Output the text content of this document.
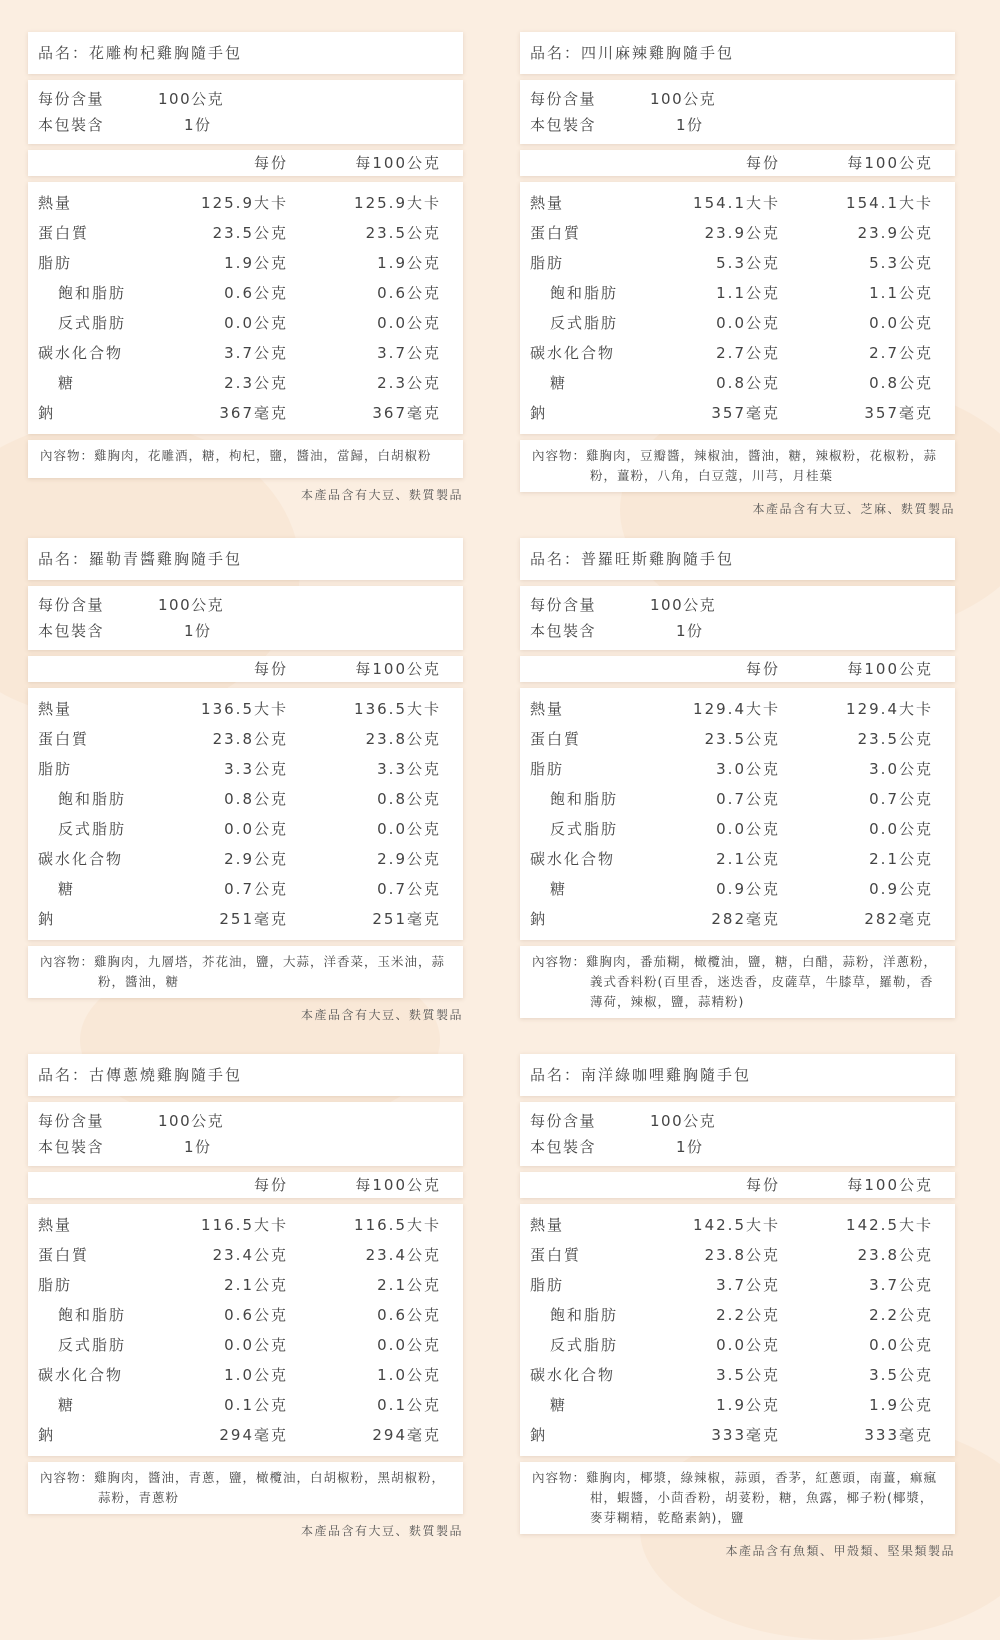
品名：花雕枸杞雞胸隨手包
每份含量	100公克
本包裝含	1份
每份	每100公克
熱量	125.9大卡	125.9大卡
蛋白質	23.5公克	23.5公克
脂肪	1.9公克	1.9公克
飽和脂肪	0.6公克	0.6公克
反式脂肪	0.0公克	0.0公克
碳水化合物	3.7公克	3.7公克
糖	2.3公克	2.3公克
鈉	367毫克	367毫克
內容物：雞胸肉，花雕酒，糖，枸杞，鹽，醬油，當歸，白胡椒粉
本產品含有大豆、麩質製品
品名：四川麻辣雞胸隨手包
每份含量	100公克
本包裝含	1份
每份	每100公克
熱量	154.1大卡	154.1大卡
蛋白質	23.9公克	23.9公克
脂肪	5.3公克	5.3公克
飽和脂肪	1.1公克	1.1公克
反式脂肪	0.0公克	0.0公克
碳水化合物	2.7公克	2.7公克
糖	0.8公克	0.8公克
鈉	357毫克	357毫克
內容物：雞胸肉，豆瓣醬，辣椒油，醬油，糖，辣椒粉，花椒粉，蒜粉，薑粉，八角，白豆蔻，川芎，月桂葉
本產品含有大豆、芝麻、麩質製品
品名：羅勒青醬雞胸隨手包
每份含量	100公克
本包裝含	1份
每份	每100公克
熱量	136.5大卡	136.5大卡
蛋白質	23.8公克	23.8公克
脂肪	3.3公克	3.3公克
飽和脂肪	0.8公克	0.8公克
反式脂肪	0.0公克	0.0公克
碳水化合物	2.9公克	2.9公克
糖	0.7公克	0.7公克
鈉	251毫克	251毫克
內容物：雞胸肉，九層塔，芥花油，鹽，大蒜，洋香菜，玉米油，蒜粉，醬油，糖
本產品含有大豆、麩質製品
品名：普羅旺斯雞胸隨手包
每份含量	100公克
本包裝含	1份
每份	每100公克
熱量	129.4大卡	129.4大卡
蛋白質	23.5公克	23.5公克
脂肪	3.0公克	3.0公克
飽和脂肪	0.7公克	0.7公克
反式脂肪	0.0公克	0.0公克
碳水化合物	2.1公克	2.1公克
糖	0.9公克	0.9公克
鈉	282毫克	282毫克
內容物：雞胸肉，番茄糊，橄欖油，鹽，糖，白醋，蒜粉，洋蔥粉，義式香料粉(百里香，迷迭香，皮薩草，牛膝草，羅勒，香薄荷，辣椒，鹽，蒜精粉)
品名：古傳蔥燒雞胸隨手包
每份含量	100公克
本包裝含	1份
每份	每100公克
熱量	116.5大卡	116.5大卡
蛋白質	23.4公克	23.4公克
脂肪	2.1公克	2.1公克
飽和脂肪	0.6公克	0.6公克
反式脂肪	0.0公克	0.0公克
碳水化合物	1.0公克	1.0公克
糖	0.1公克	0.1公克
鈉	294毫克	294毫克
內容物：雞胸肉，醬油，青蔥，鹽，橄欖油，白胡椒粉，黑胡椒粉，蒜粉，青蔥粉
本產品含有大豆、麩質製品
品名：南洋綠咖哩雞胸隨手包
每份含量	100公克
本包裝含	1份
每份	每100公克
熱量	142.5大卡	142.5大卡
蛋白質	23.8公克	23.8公克
脂肪	3.7公克	3.7公克
飽和脂肪	2.2公克	2.2公克
反式脂肪	0.0公克	0.0公克
碳水化合物	3.5公克	3.5公克
糖	1.9公克	1.9公克
鈉	333毫克	333毫克
內容物：雞胸肉，椰漿，綠辣椒，蒜頭，香茅，紅蔥頭，南薑，痲瘋柑，蝦醬，小茴香粉，胡荽粉，糖，魚露，椰子粉(椰漿，麥芽糊精，乾酪素鈉)，鹽
本產品含有魚類、甲殼類、堅果類製品
